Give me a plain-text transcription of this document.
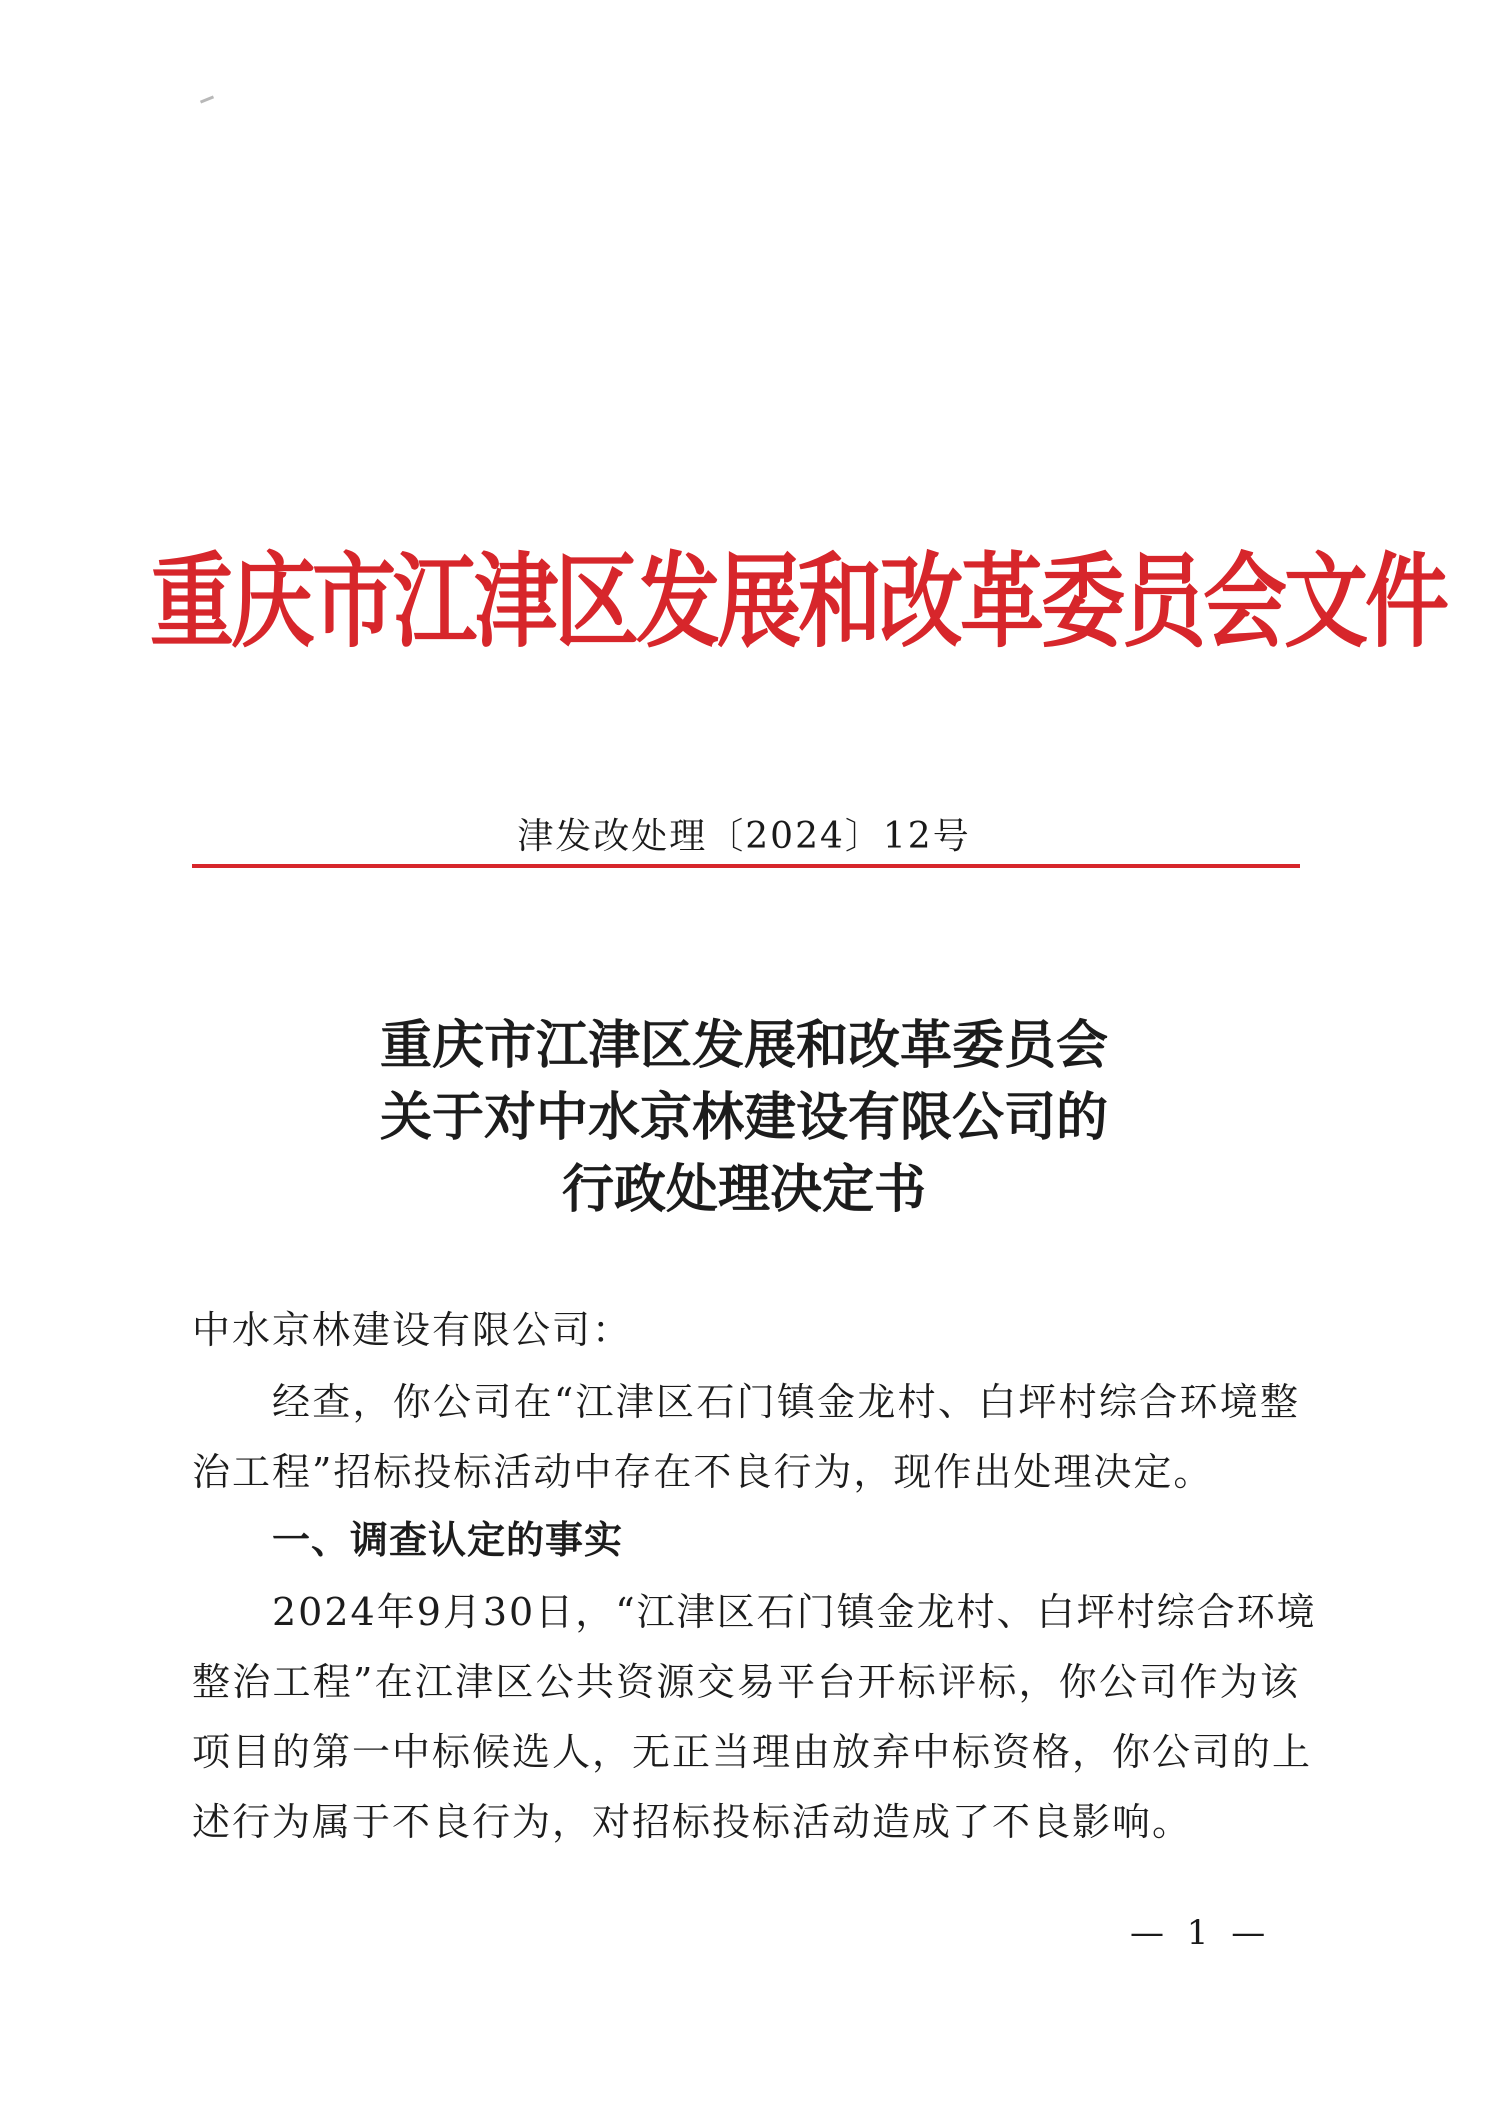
重庆市江津区发展和改革委员会文件
津发改处理〔2024〕12号
重庆市江津区发展和改革委员会
关于对中水京林建设有限公司的
行政处理决定书
中水京林建设有限公司：
经查，你公司在“江津区石门镇金龙村、白坪村综合环境整
治工程”招标投标活动中存在不良行为，现作出处理决定。
一、调查认定的事实
2024年9月30日，“江津区石门镇金龙村、白坪村综合环境
整治工程”在江津区公共资源交易平台开标评标，你公司作为该
项目的第一中标候选人，无正当理由放弃中标资格，你公司的上
述行为属于不良行为，对招标投标活动造成了不良影响。
— 1 —
